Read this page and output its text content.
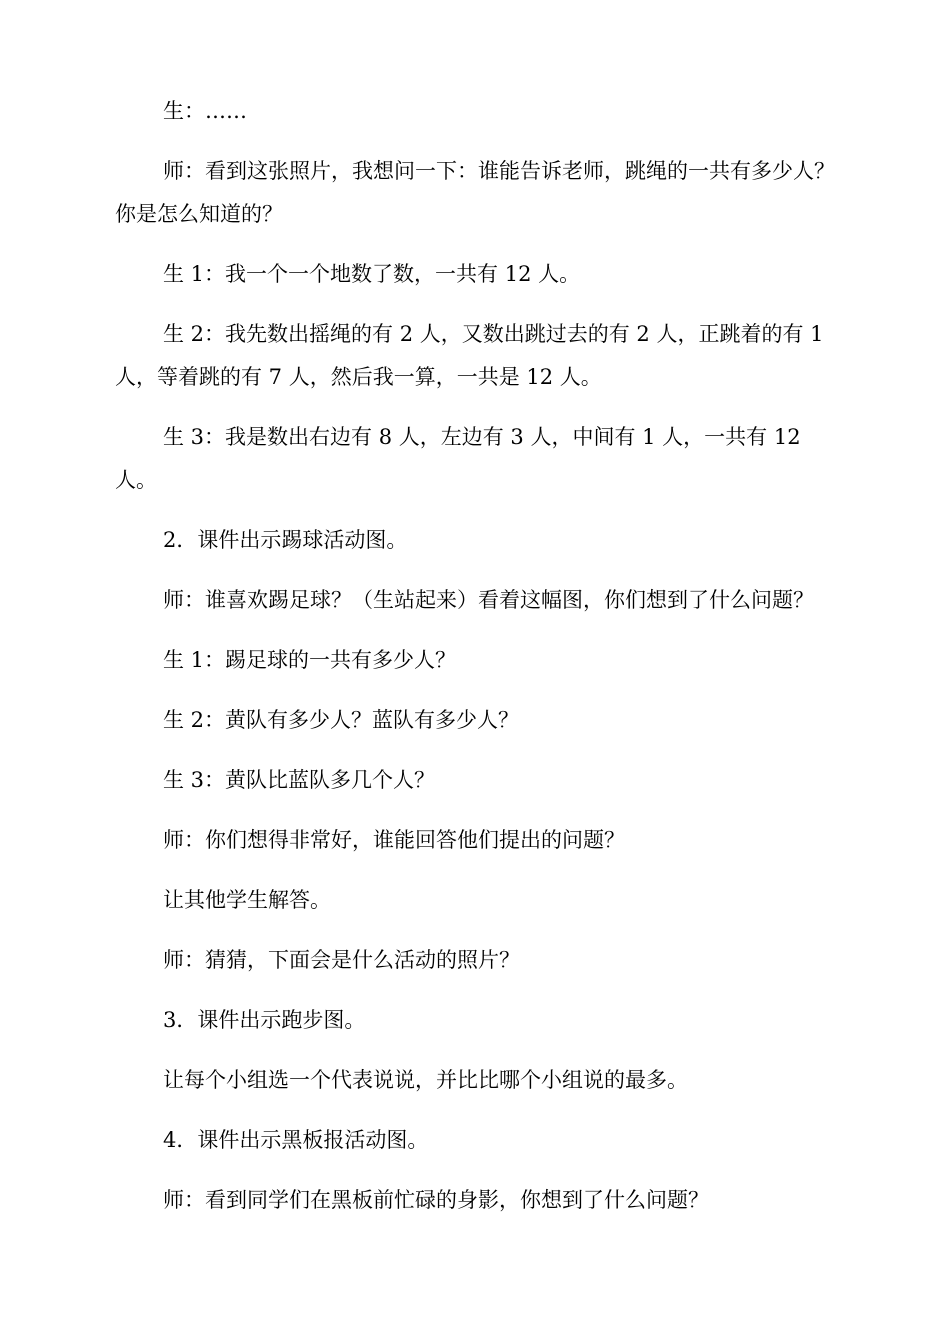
生：……

师：看到这张照片，我想问一下：谁能告诉老师，跳绳的一共有多少人？你是怎么知道的？

生 1：我一个一个地数了数，一共有 12 人。

生 2：我先数出摇绳的有 2 人，又数出跳过去的有 2 人，正跳着的有 1 人，等着跳的有 7 人，然后我一算，一共是 12 人。

生 3：我是数出右边有 8 人，左边有 3 人，中间有 1 人，一共有 12 人。

2．课件出示踢球活动图。

师：谁喜欢踢足球？（生站起来）看着这幅图，你们想到了什么问题？

生 1：踢足球的一共有多少人？

生 2：黄队有多少人？蓝队有多少人？

生 3：黄队比蓝队多几个人？

师：你们想得非常好，谁能回答他们提出的问题？

让其他学生解答。

师：猜猜，下面会是什么活动的照片？

3．课件出示跑步图。

让每个小组选一个代表说说，并比比哪个小组说的最多。

4．课件出示黑板报活动图。

师：看到同学们在黑板前忙碌的身影，你想到了什么问题？
